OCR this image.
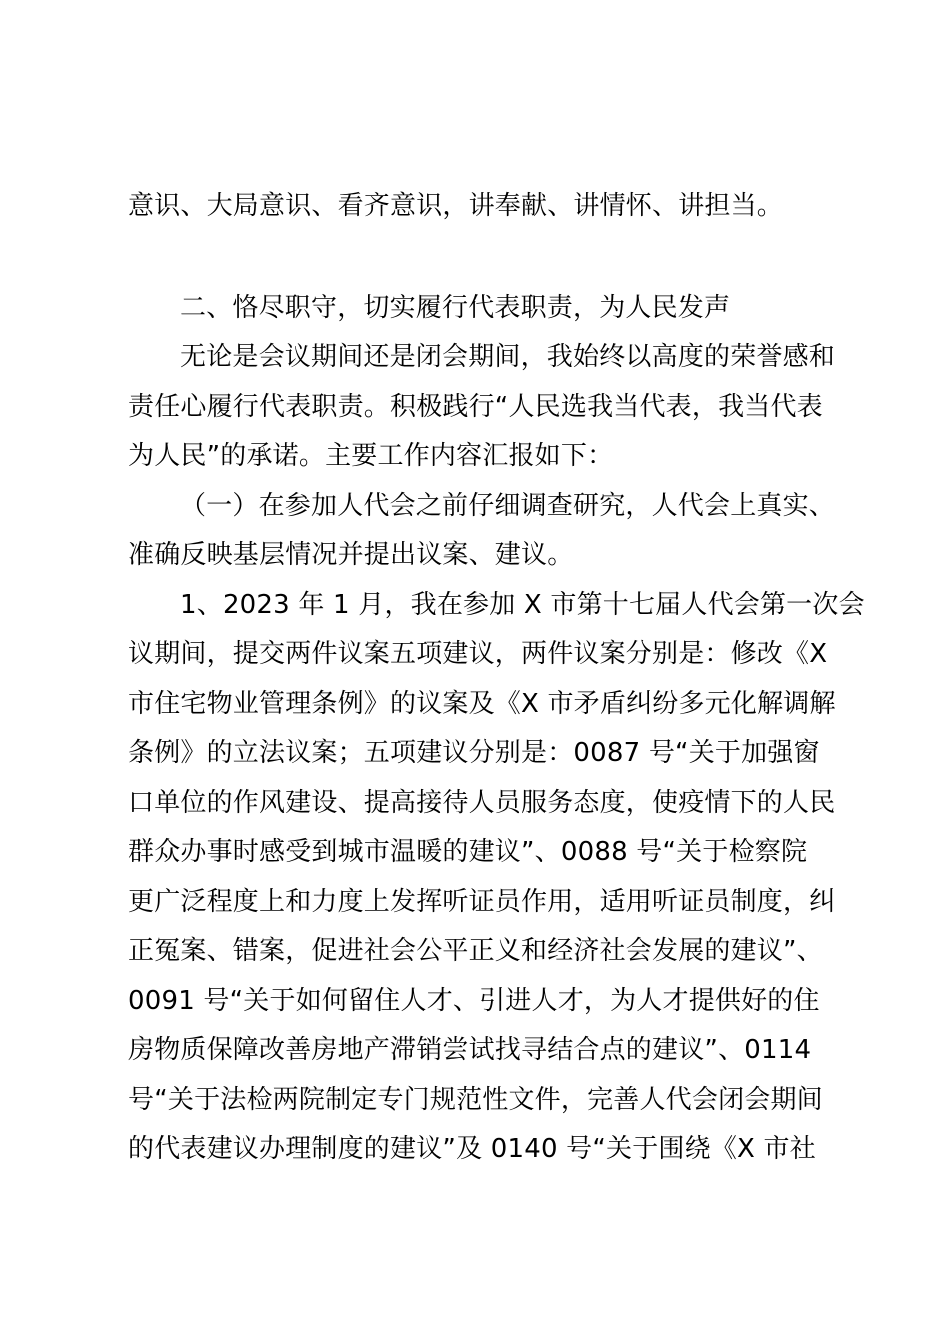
意识、大局意识、看齐意识，讲奉献、讲情怀、讲担当。
二、恪尽职守，切实履行代表职责，为人民发声
无论是会议期间还是闭会期间，我始终以高度的荣誉感和
责任心履行代表职责。积极践行“人民选我当代表，我当代表
为人民”的承诺。主要工作内容汇报如下：
（一）在参加人代会之前仔细调查研究，人代会上真实、
准确反映基层情况并提出议案、建议。
1、2023 年 1 月，我在参加 X 市第十七届人代会第一次会
议期间，提交两件议案五项建议，两件议案分别是：修改《X
市住宅物业管理条例》的议案及《X 市矛盾纠纷多元化解调解
条例》的立法议案；五项建议分别是：0087 号“关于加强窗
口单位的作风建设、提高接待人员服务态度，使疫情下的人民
群众办事时感受到城市温暖的建议”、0088 号“关于检察院
更广泛程度上和力度上发挥听证员作用，适用听证员制度，纠
正冤案、错案，促进社会公平正义和经济社会发展的建议”、
0091 号“关于如何留住人才、引进人才，为人才提供好的住
房物质保障改善房地产滞销尝试找寻结合点的建议”、0114
号“关于法检两院制定专门规范性文件，完善人代会闭会期间
的代表建议办理制度的建议”及 0140 号“关于围绕《X 市社
